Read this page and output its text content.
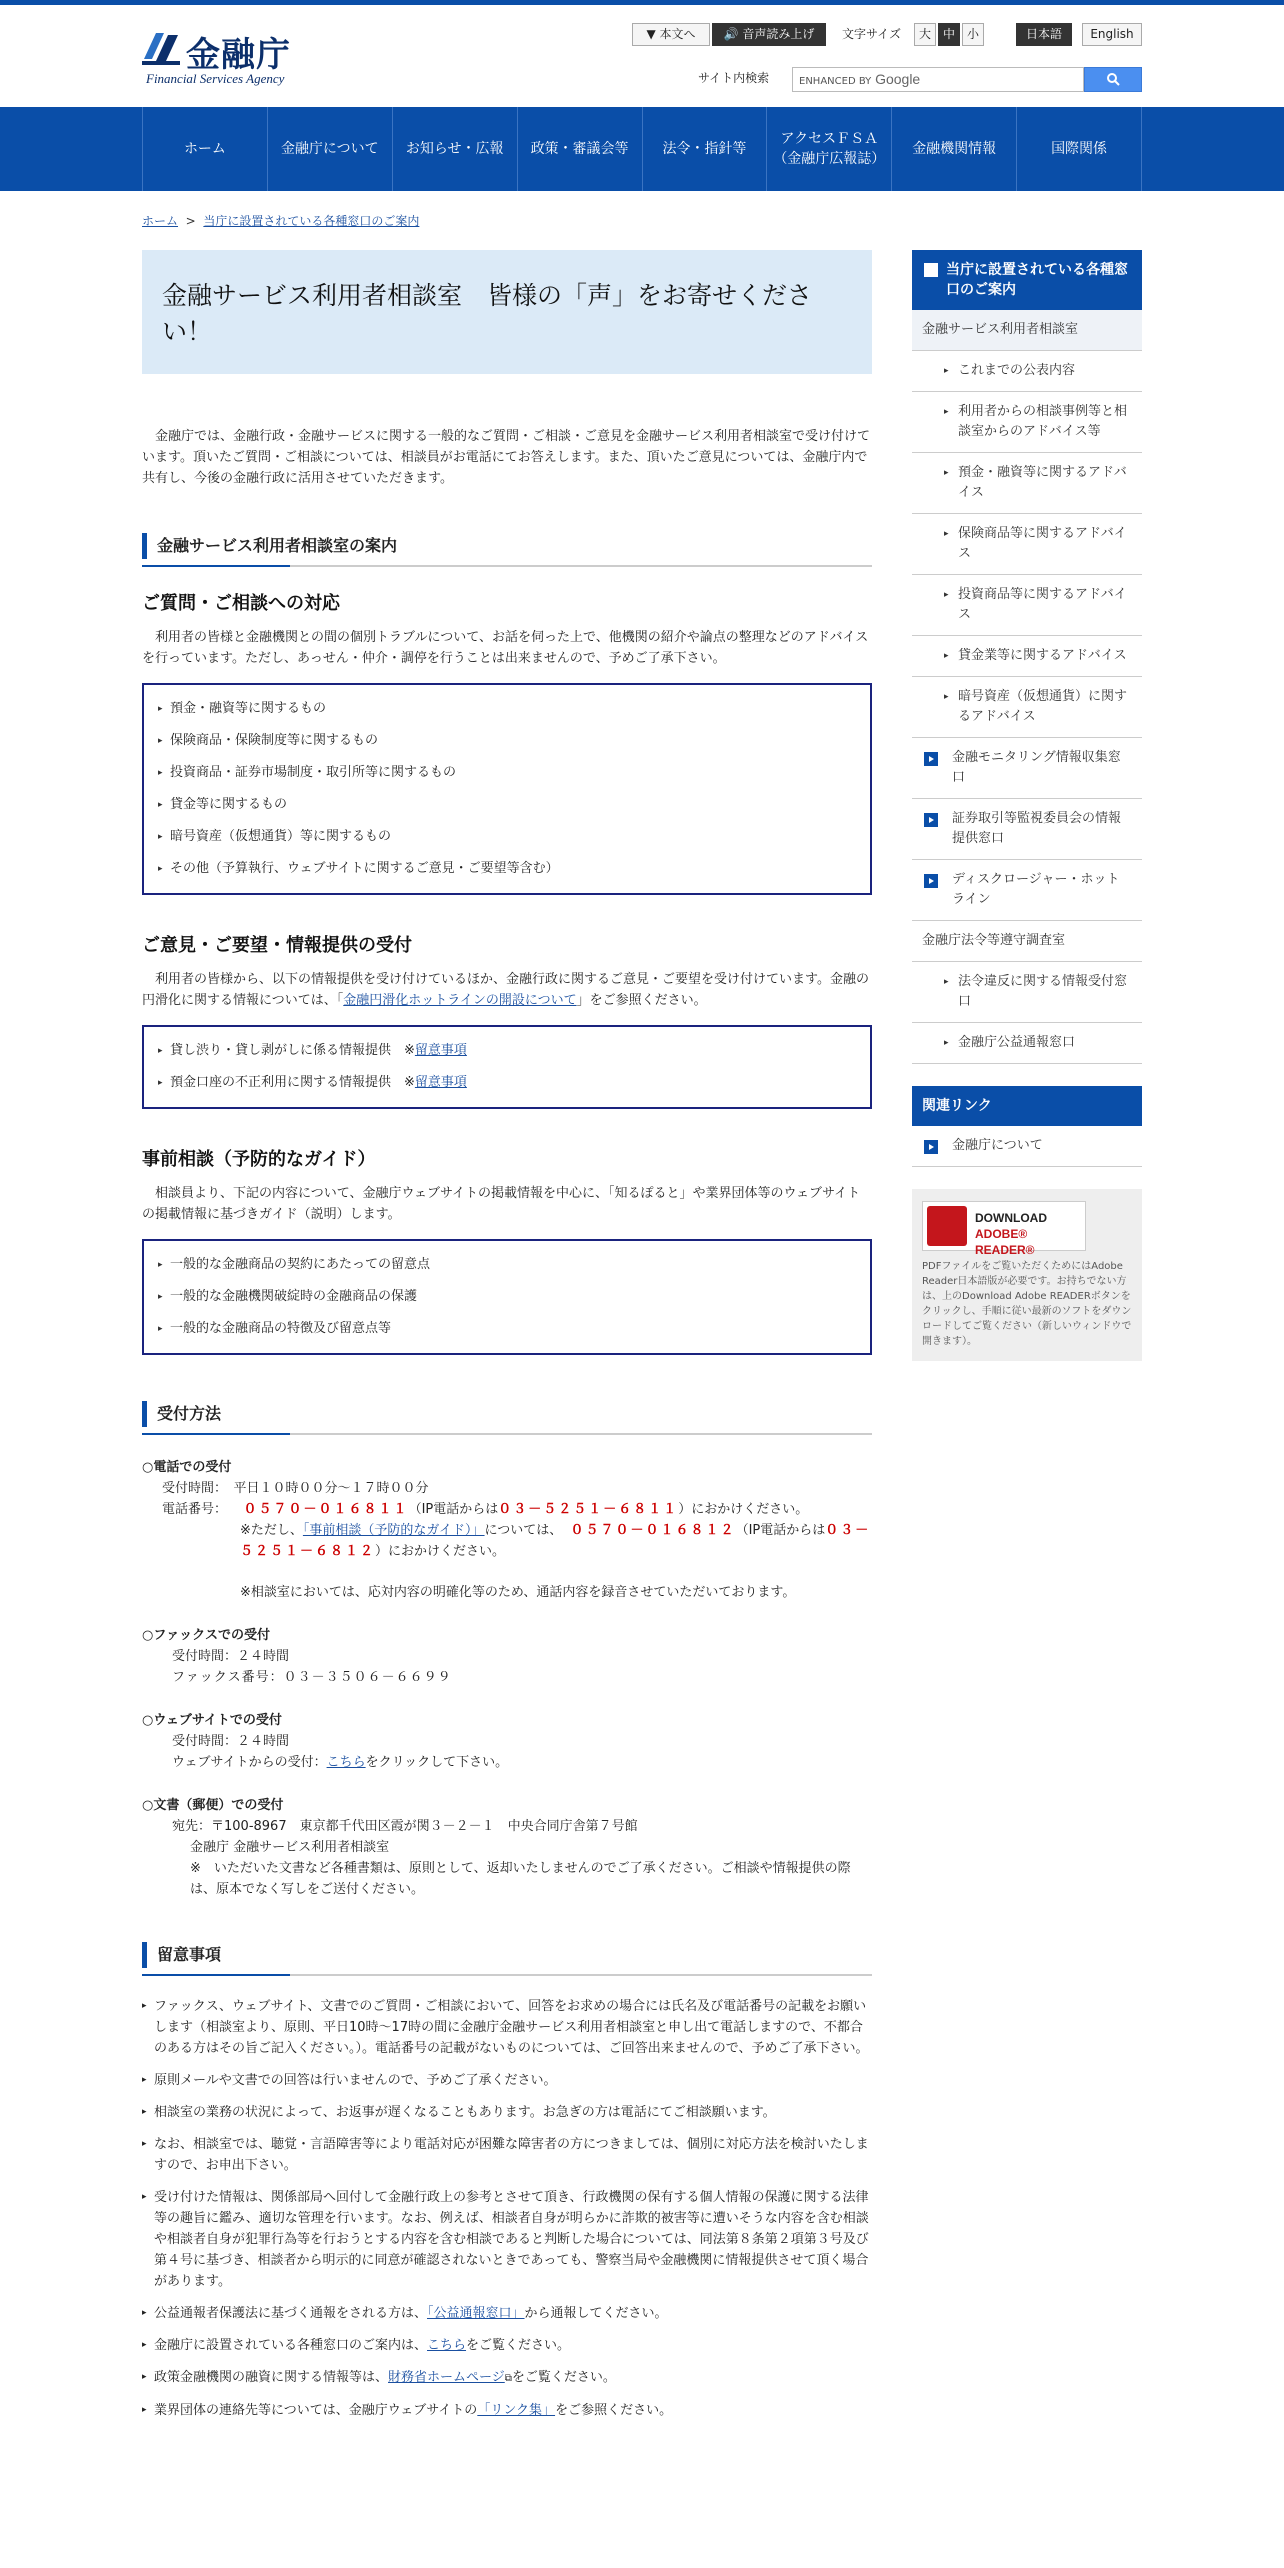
金融庁
Financial Services Agency
▼ 本文へ	🔊 音声読み上げ	文字サイズ	大 中 小	日本語	English
サイト内検索	ENHANCED BY Google
ホーム	金融庁について	お知らせ・広報	政策・審議会等	法令・指針等
アクセスＦＳＡ
（金融庁広報誌）
金融機関情報	国際関係
ホーム > 当庁に設置されている各種窓口のご案内
金融サービス利用者相談室　皆様の「声」をお寄せください！

　金融庁では、金融行政・金融サービスに関する一般的なご質問・ご相談・ご意見を金融サービス利用者相談室で受け付けています。頂いたご質問・ご相談については、相談員がお電話にてお答えします。また、頂いたご意見については、金融庁内で共有し、今後の金融行政に活用させていただきます。

金融サービス利用者相談室の案内
ご質問・ご相談への対応

　利用者の皆様と金融機関との間の個別トラブルについて、お話を伺った上で、他機関の紹介や論点の整理などのアドバイスを行っています。ただし、あっせん・仲介・調停を行うことは出来ませんので、予めご了承下さい。

▸ 預金・融資等に関するもの
▸ 保険商品・保険制度等に関するもの
▸ 投資商品・証券市場制度・取引所等に関するもの
▸ 貸金等に関するもの
▸ 暗号資産（仮想通貨）等に関するもの
▸ その他（予算執行、ウェブサイトに関するご意見・ご要望等含む）
ご意見・ご要望・情報提供の受付

　利用者の皆様から、以下の情報提供を受け付けているほか、金融行政に関するご意見・ご要望を受け付けています。金融の円滑化に関する情報については、「金融円滑化ホットラインの開設について」をご参照ください。

▸ 貸し渋り・貸し剥がしに係る情報提供　※留意事項
▸ 預金口座の不正利用に関する情報提供　※留意事項
事前相談（予防的なガイド）

　相談員より、下記の内容について、金融庁ウェブサイトの掲載情報を中心に、「知るぽると」や業界団体等のウェブサイトの掲載情報に基づきガイド（説明）します。

▸ 一般的な金融商品の契約にあたっての留意点
▸ 一般的な金融機関破綻時の金融商品の保護
▸ 一般的な金融商品の特徴及び留意点等
受付方法
○電話での受付
受付時間：　平日１０時００分～１７時００分
電話番号： ０５７０－０１６８１１（IP電話からは０３－５２５１－６８１１）におかけください。
※ただし、「事前相談（予防的なガイド）」については、 ０５７０－０１６８１２（IP電話からは０３－５２５１－６８１２）におかけください。
※相談室においては、応対内容の明確化等のため、通話内容を録音させていただいております。
○ファックスでの受付
受付時間：２４時間
ファックス番号：０３－３５０６－６６９９
○ウェブサイトでの受付
受付時間：２４時間
ウェブサイトからの受付：こちらをクリックして下さい。
○文書（郵便）での受付
宛先：〒100-8967　東京都千代田区霞が関３－２－１　中央合同庁舎第７号館
金融庁 金融サービス利用者相談室
※　いただいた文書など各種書類は、原則として、返却いたしませんのでご了承ください。ご相談や情報提供の際は、原本でなく写しをご送付ください。
留意事項
▸ ファックス、ウェブサイト、文書でのご質問・ご相談において、回答をお求めの場合には氏名及び電話番号の記載をお願いします（相談室より、原則、平日10時～17時の間に金融庁金融サービス利用者相談室と申し出て電話しますので、不都合のある方はその旨ご記入ください。）。電話番号の記載がないものについては、ご回答出来ませんので、予めご了承下さい。
▸ 原則メールや文書での回答は行いませんので、予めご了承ください。
▸ 相談室の業務の状況によって、お返事が遅くなることもあります。お急ぎの方は電話にてご相談願います。
▸ なお、相談室では、聴覚・言語障害等により電話対応が困難な障害者の方につきましては、個別に対応方法を検討いたしますので、お申出下さい。
▸ 受け付けた情報は、関係部局へ回付して金融行政上の参考とさせて頂き、行政機関の保有する個人情報の保護に関する法律等の趣旨に鑑み、適切な管理を行います。なお、例えば、相談者自身が明らかに詐欺的被害等に遭いそうな内容を含む相談や相談者自身が犯罪行為等を行おうとする内容を含む相談であると判断した場合については、同法第８条第２項第３号及び第４号に基づき、相談者から明示的に同意が確認されないときであっても、警察当局や金融機関に情報提供させて頂く場合があります。
▸ 公益通報者保護法に基づく通報をされる方は、「公益通報窓口」から通報してください。
▸ 金融庁に設置されている各種窓口のご案内は、こちらをご覧ください。
▸ 政策金融機関の融資に関する情報等は、財務省ホームページ⧉をご覧ください。
▸ 業界団体の連絡先等については、金融庁ウェブサイトの「リンク集」をご参照ください。
当庁に設置されている各種窓口のご案内
金融サービス利用者相談室
▸ これまでの公表内容
▸ 利用者からの相談事例等と相談室からのアドバイス等
▸ 預金・融資等に関するアドバイス
▸ 保険商品等に関するアドバイス
▸ 投資商品等に関するアドバイス
▸ 貸金業等に関するアドバイス
▸ 暗号資産（仮想通貨）に関するアドバイス
金融モニタリング情報収集窓口
証券取引等監視委員会の情報提供窓口
ディスクロージャー・ホットライン
金融庁法令等遵守調査室
▸ 法令違反に関する情報受付窓口
▸ 金融庁公益通報窓口
関連リンク
金融庁について
DOWNLOAD
ADOBE® READER®
PDFファイルをご覧いただくためにはAdobe Reader日本語版が必要です。お持ちでない方は、上のDownload Adobe READERボタンをクリックし、手順に従い最新のソフトをダウンロードしてご覧ください（新しいウィンドウで開きます）。
